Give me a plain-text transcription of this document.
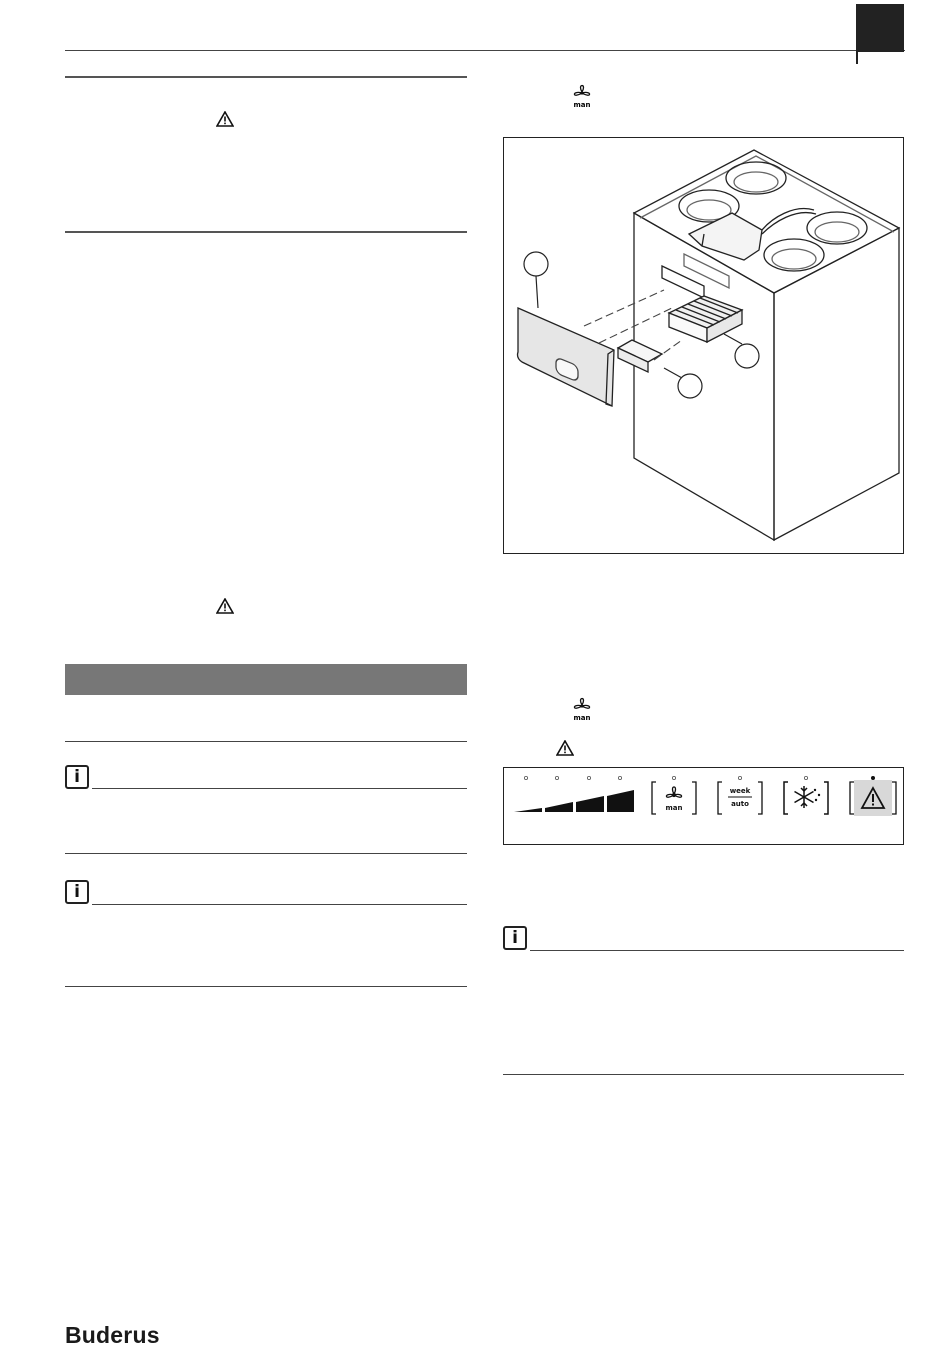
i
i
man
man
man
week
auto
i
Buderus
